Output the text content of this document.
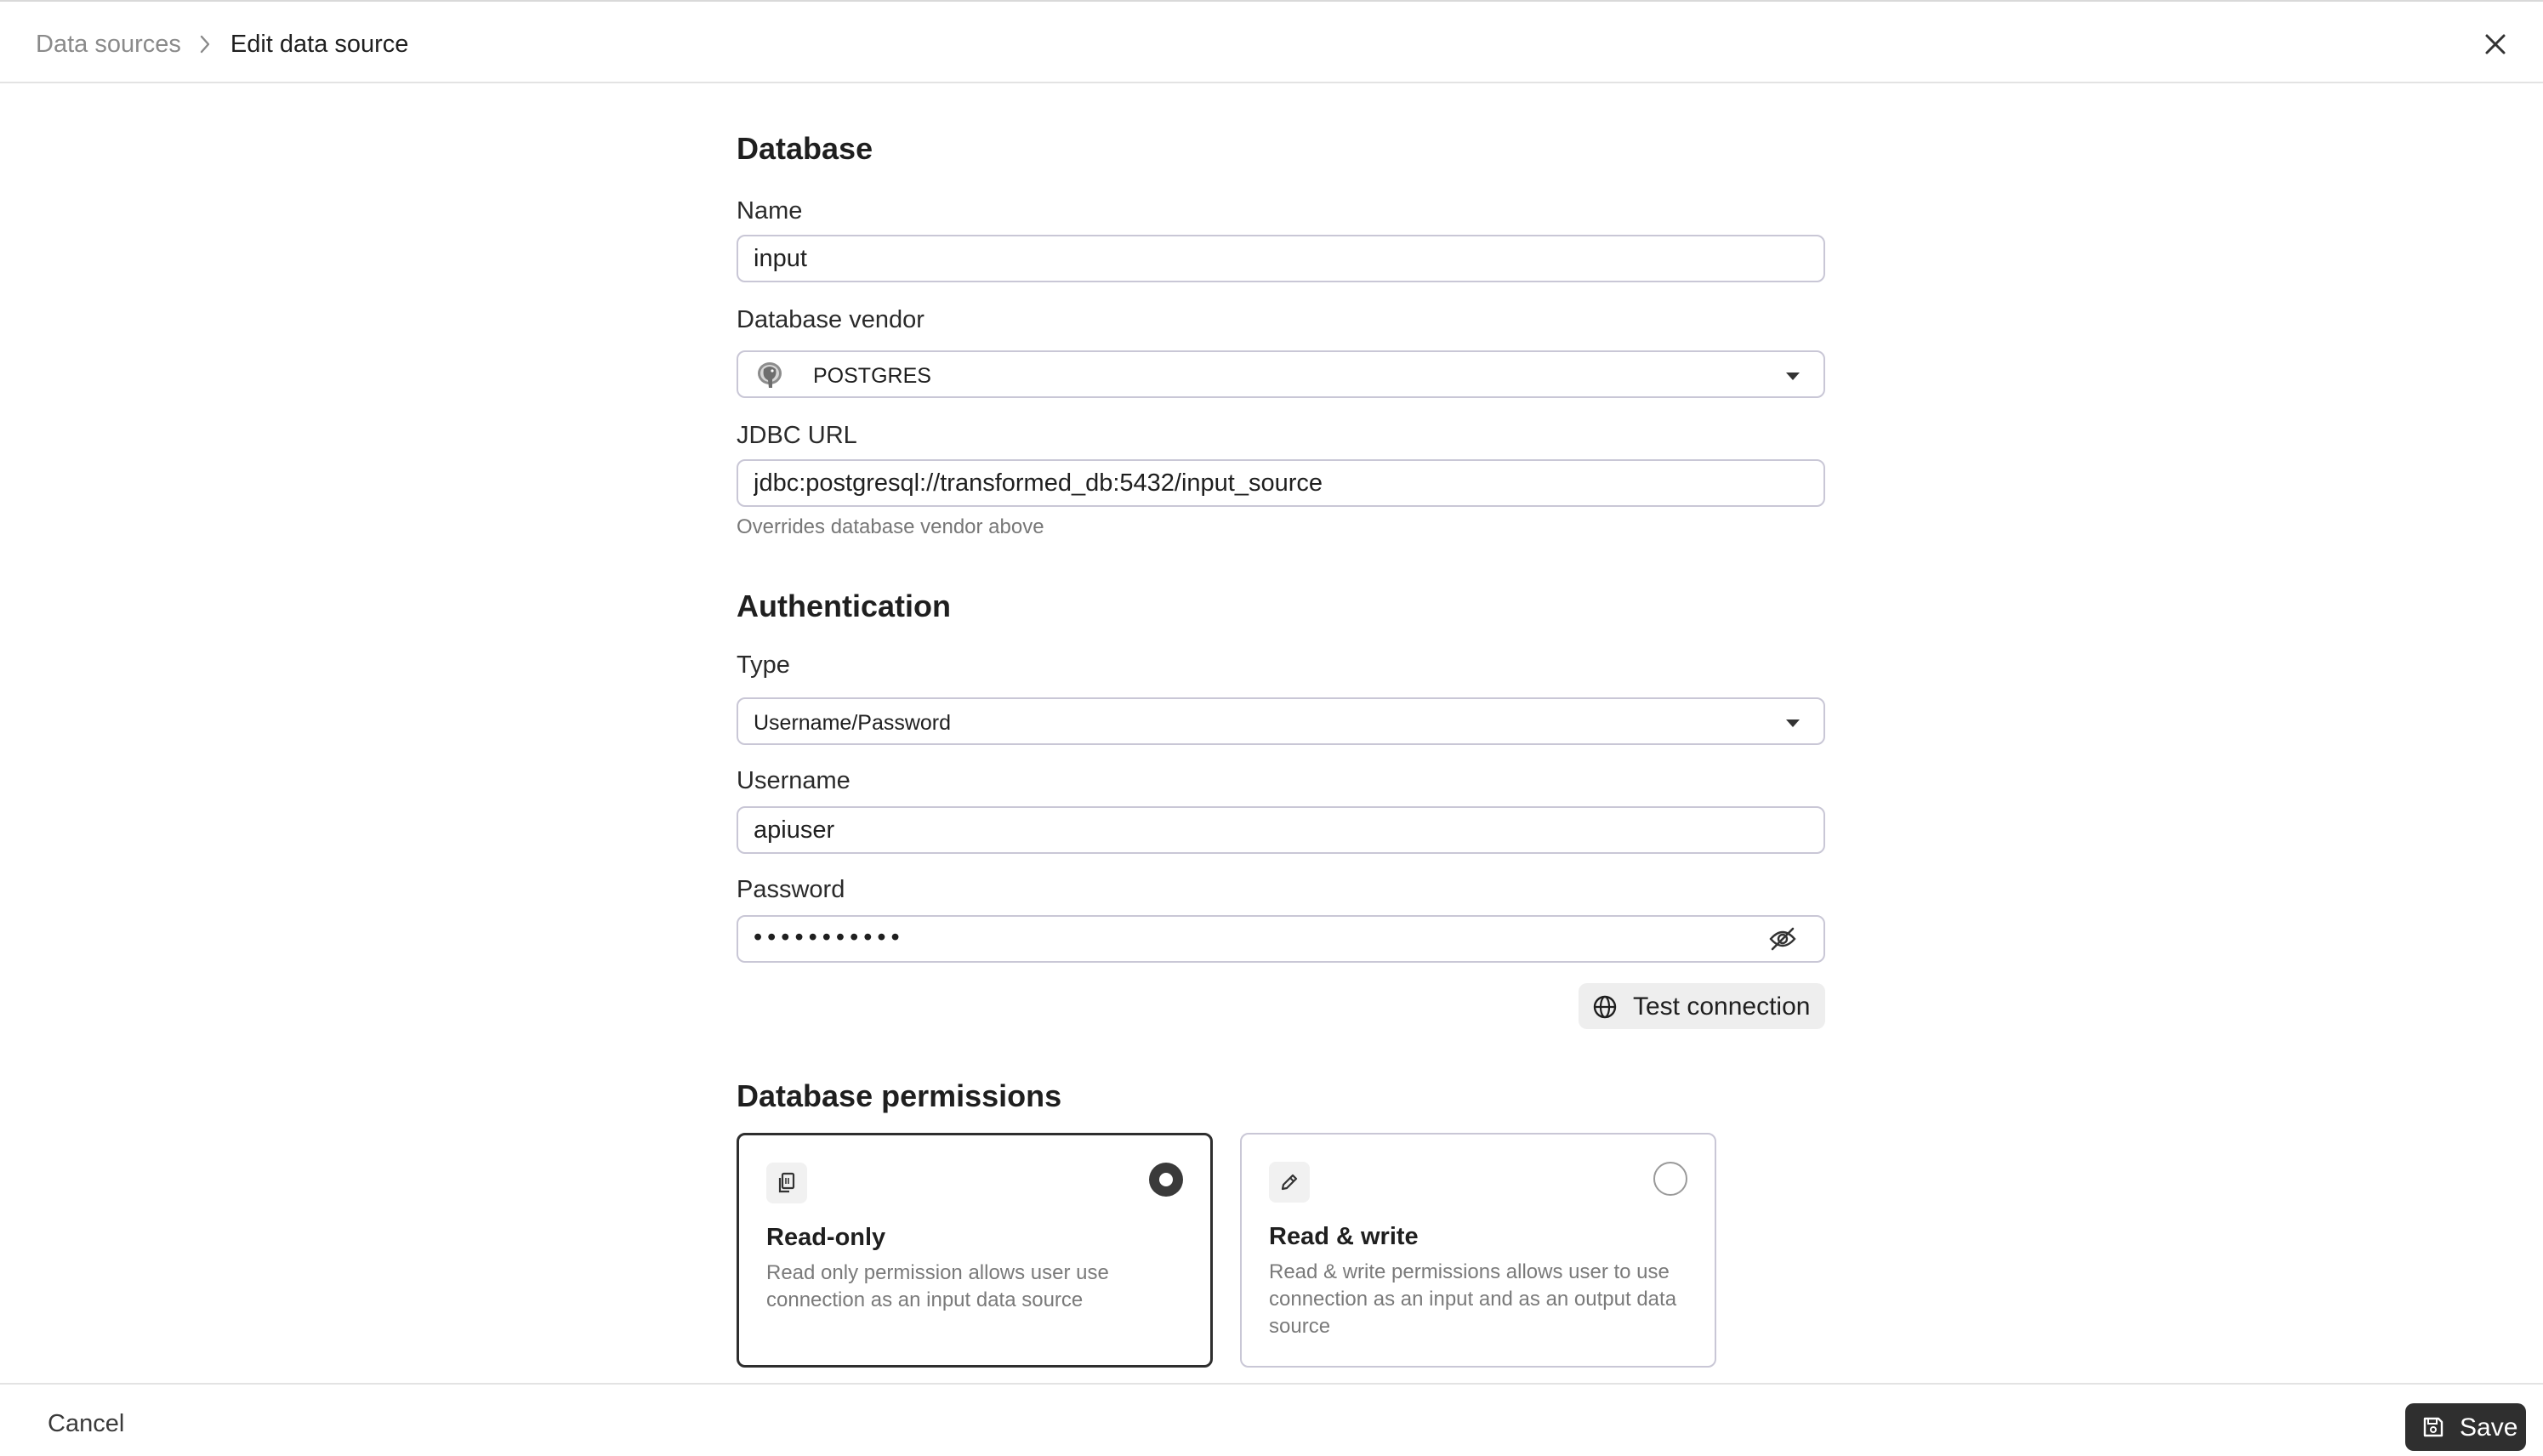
Data sources Edit data source
Database
Name
input
Database vendor
POSTGRES
JDBC URL
jdbc:postgresql://transformed_db:5432/input_source
Overrides database vendor above
Authentication
Type
Username/Password
Username
apiuser
Password
•••••••••••
Test connection
Database permissions
Read-only
Read only permission allows user use connection as an input data source
Read & write
Read & write permissions allows user to use connection as an input and as an output data source
Cancel	Save
